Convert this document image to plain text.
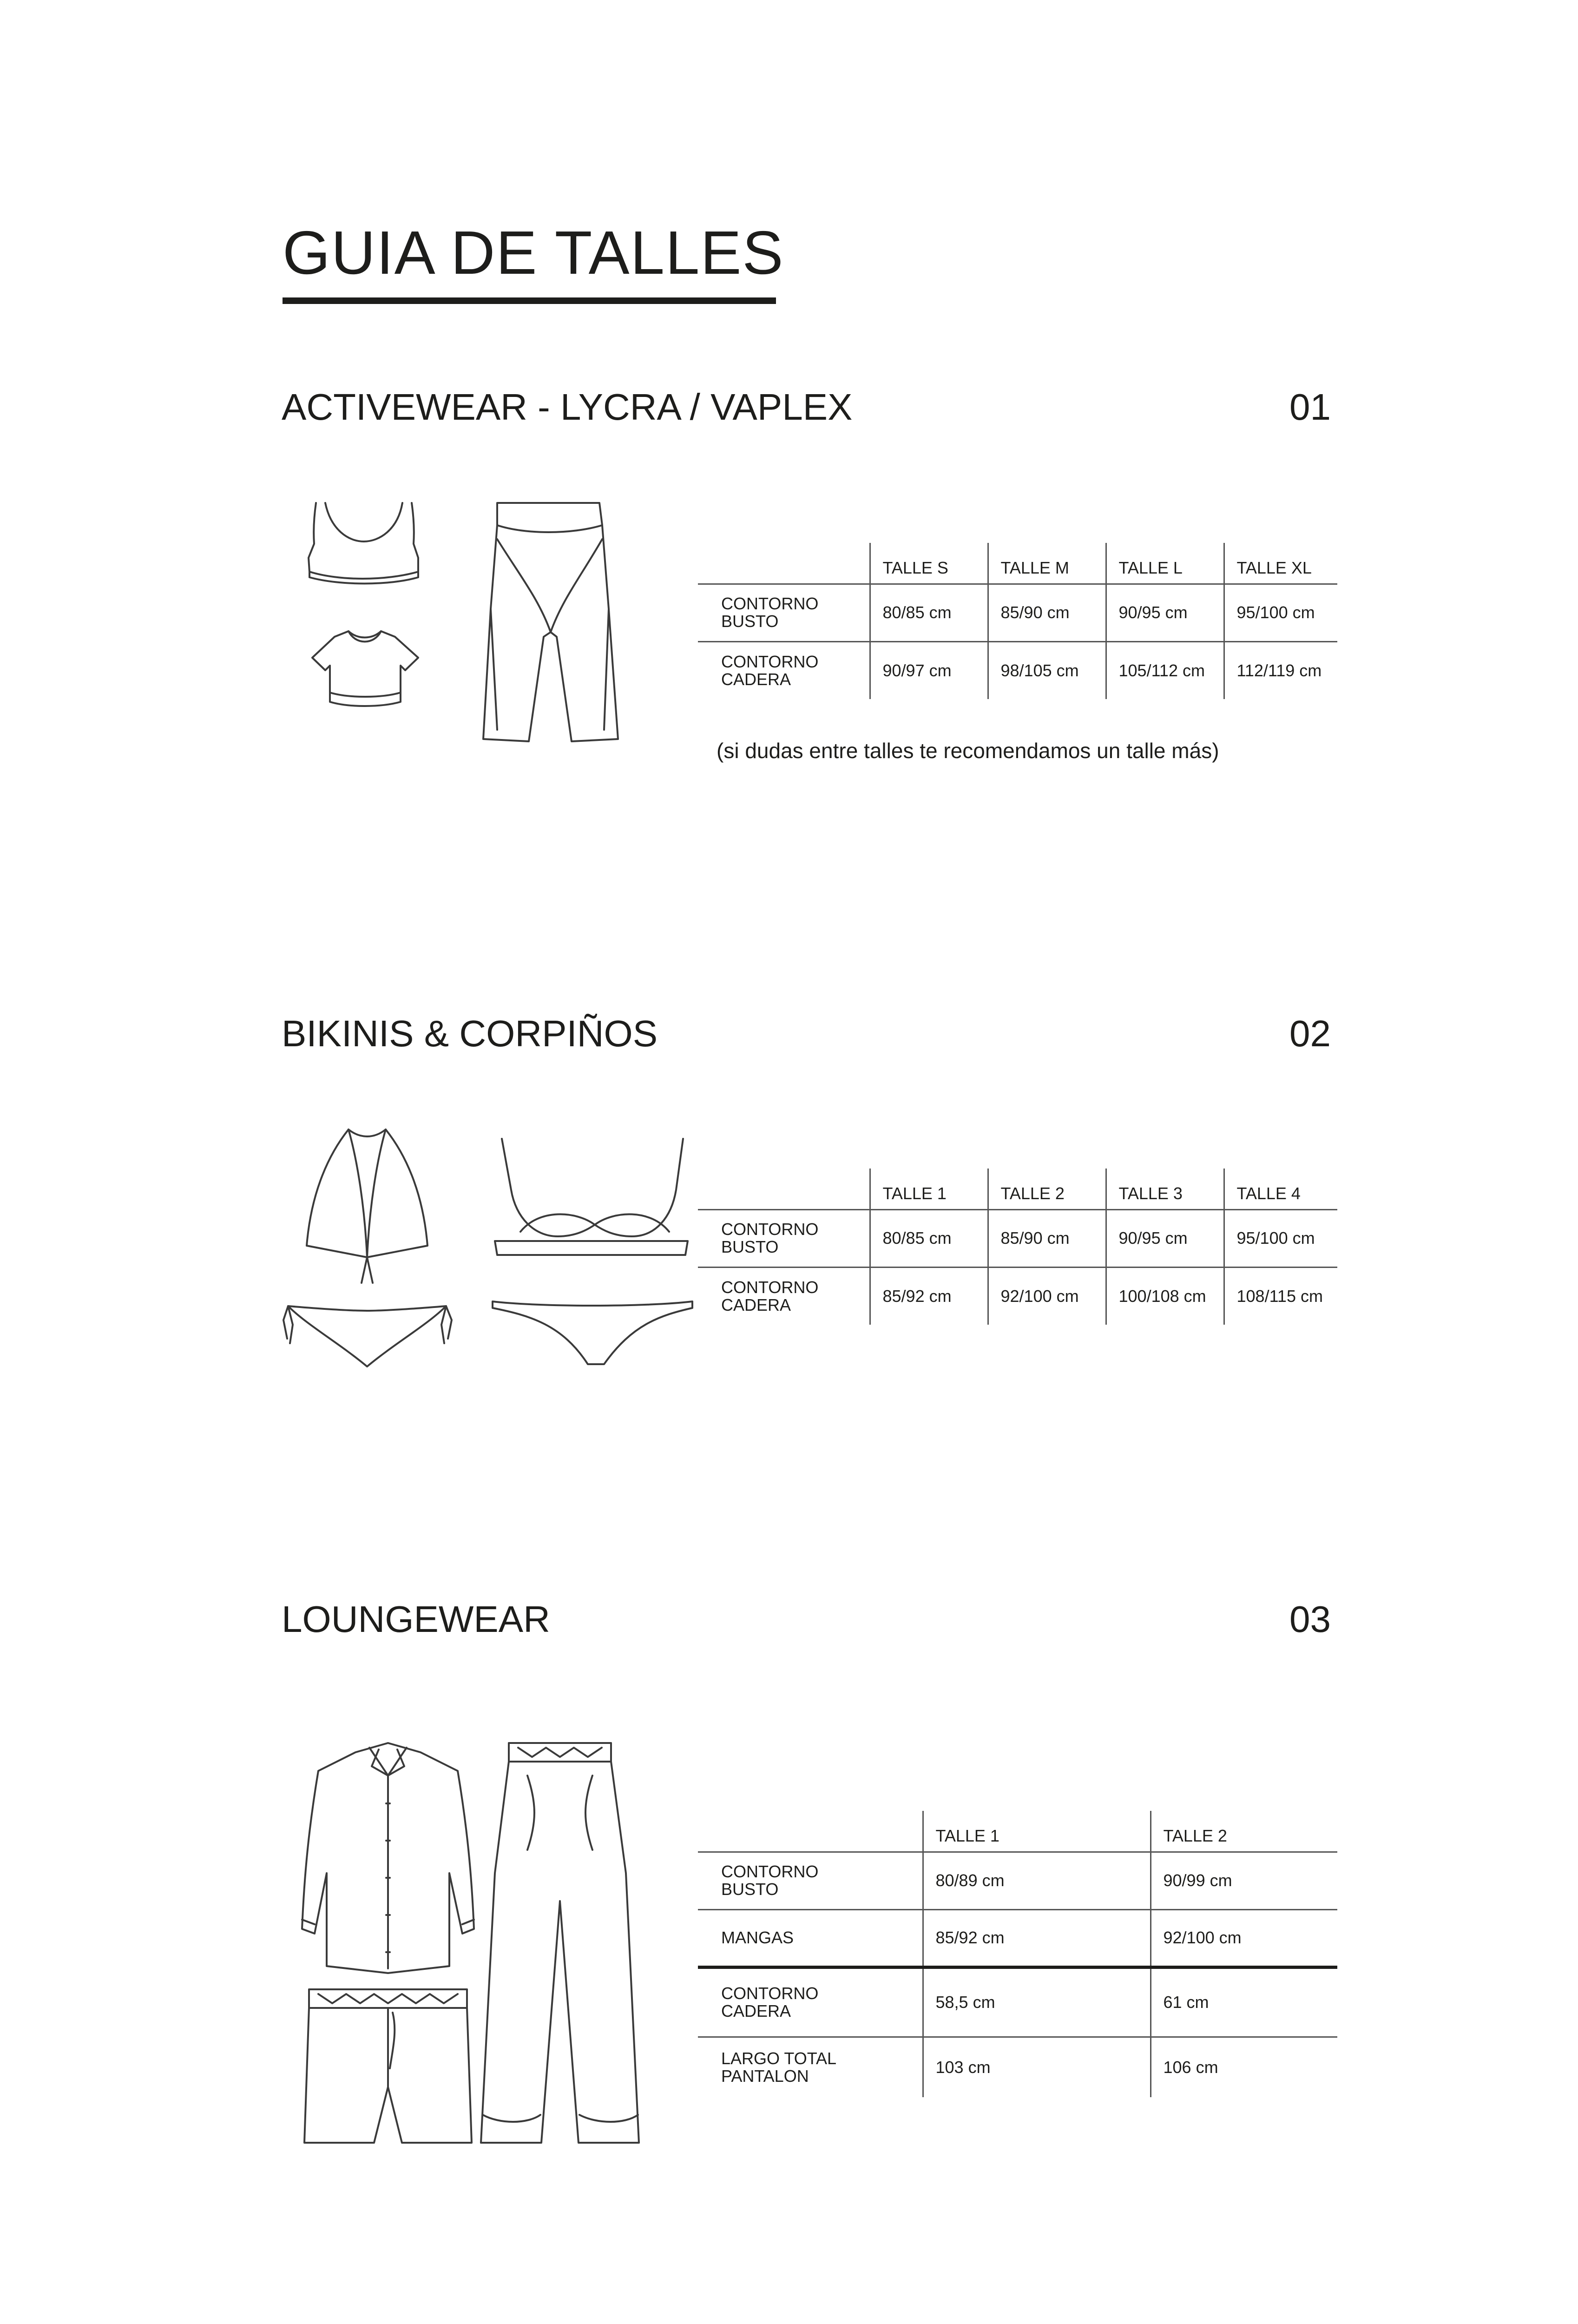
GUIA DE TALLES
ACTIVEWEAR - LYCRA / VAPLEX	01
	TALLE S	TALLE M	TALLE L	TALLE XL
CONTORNO
BUSTO	80/85 cm	85/90 cm	90/95 cm	95/100 cm
CONTORNO
CADERA	90/97 cm	98/105 cm	105/112 cm	112/119 cm
(si dudas entre talles te recomendamos un talle más)
BIKINIS & CORPIÑOS	02
	TALLE 1	TALLE 2	TALLE 3	TALLE 4
CONTORNO
BUSTO	80/85 cm	85/90 cm	90/95 cm	95/100 cm
CONTORNO
CADERA	85/92 cm	92/100 cm	100/108 cm	108/115 cm
LOUNGEWEAR	03
	TALLE 1	TALLE 2
CONTORNO
BUSTO	80/89 cm	90/99 cm
MANGAS	85/92 cm	92/100 cm
CONTORNO
CADERA	58,5 cm	61 cm
LARGO TOTAL
PANTALON	103 cm	106 cm
